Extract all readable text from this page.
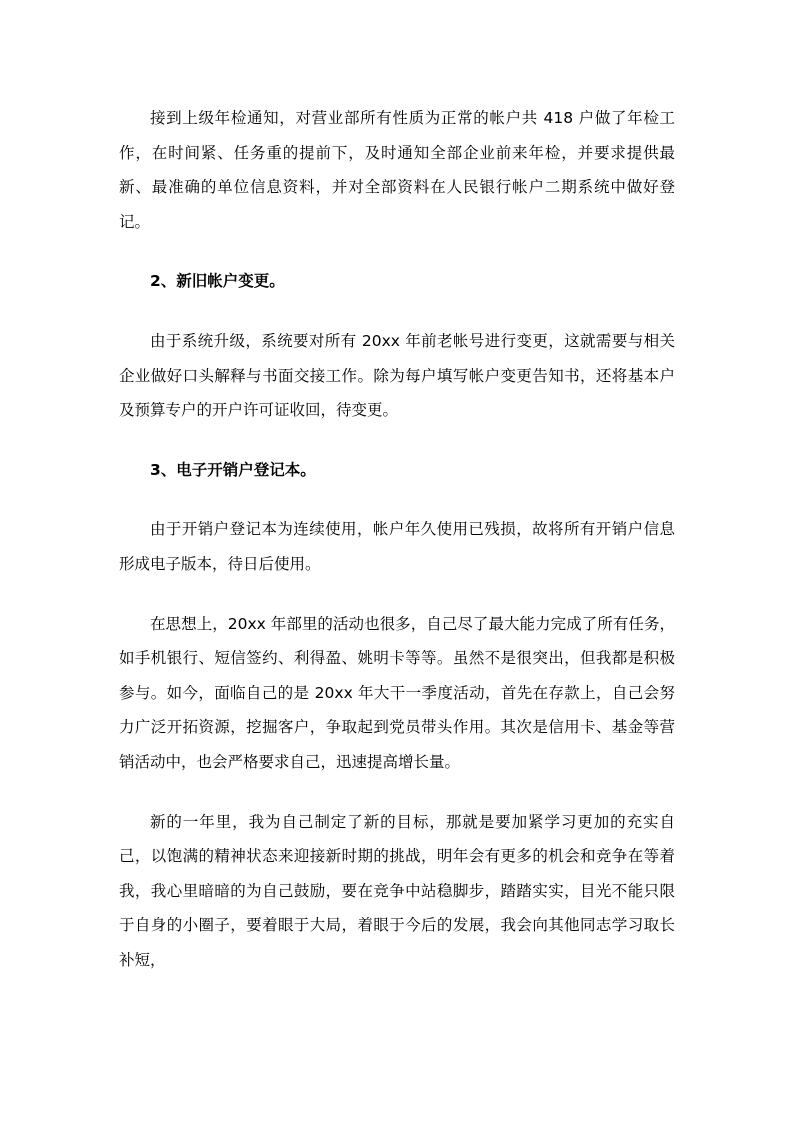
接到上级年检通知，对营业部所有性质为正常的帐户共 418 户做了年检工作，在时间紧、任务重的提前下，及时通知全部企业前来年检，并要求提供最新、最准确的单位信息资料，并对全部资料在人民银行帐户二期系统中做好登记。

2、新旧帐户变更。

由于系统升级，系统要对所有 20xx 年前老帐号进行变更，这就需要与相关企业做好口头解释与书面交接工作。除为每户填写帐户变更告知书，还将基本户及预算专户的开户许可证收回，待变更。

3、电子开销户登记本。

由于开销户登记本为连续使用，帐户年久使用已残损，故将所有开销户信息形成电子版本，待日后使用。

在思想上，20xx 年部里的活动也很多，自己尽了最大能力完成了所有任务，如手机银行、短信签约、利得盈、姚明卡等等。虽然不是很突出，但我都是积极参与。如今，面临自己的是 20xx 年大干一季度活动，首先在存款上，自己会努力广泛开拓资源，挖掘客户，争取起到党员带头作用。其次是信用卡、基金等营销活动中，也会严格要求自己，迅速提高增长量。

新的一年里，我为自己制定了新的目标，那就是要加紧学习更加的充实自己，以饱满的精神状态来迎接新时期的挑战，明年会有更多的机会和竞争在等着我，我心里暗暗的为自己鼓励，要在竞争中站稳脚步，踏踏实实，目光不能只限于自身的小圈子，要着眼于大局，着眼于今后的发展，我会向其他同志学习取长补短，
